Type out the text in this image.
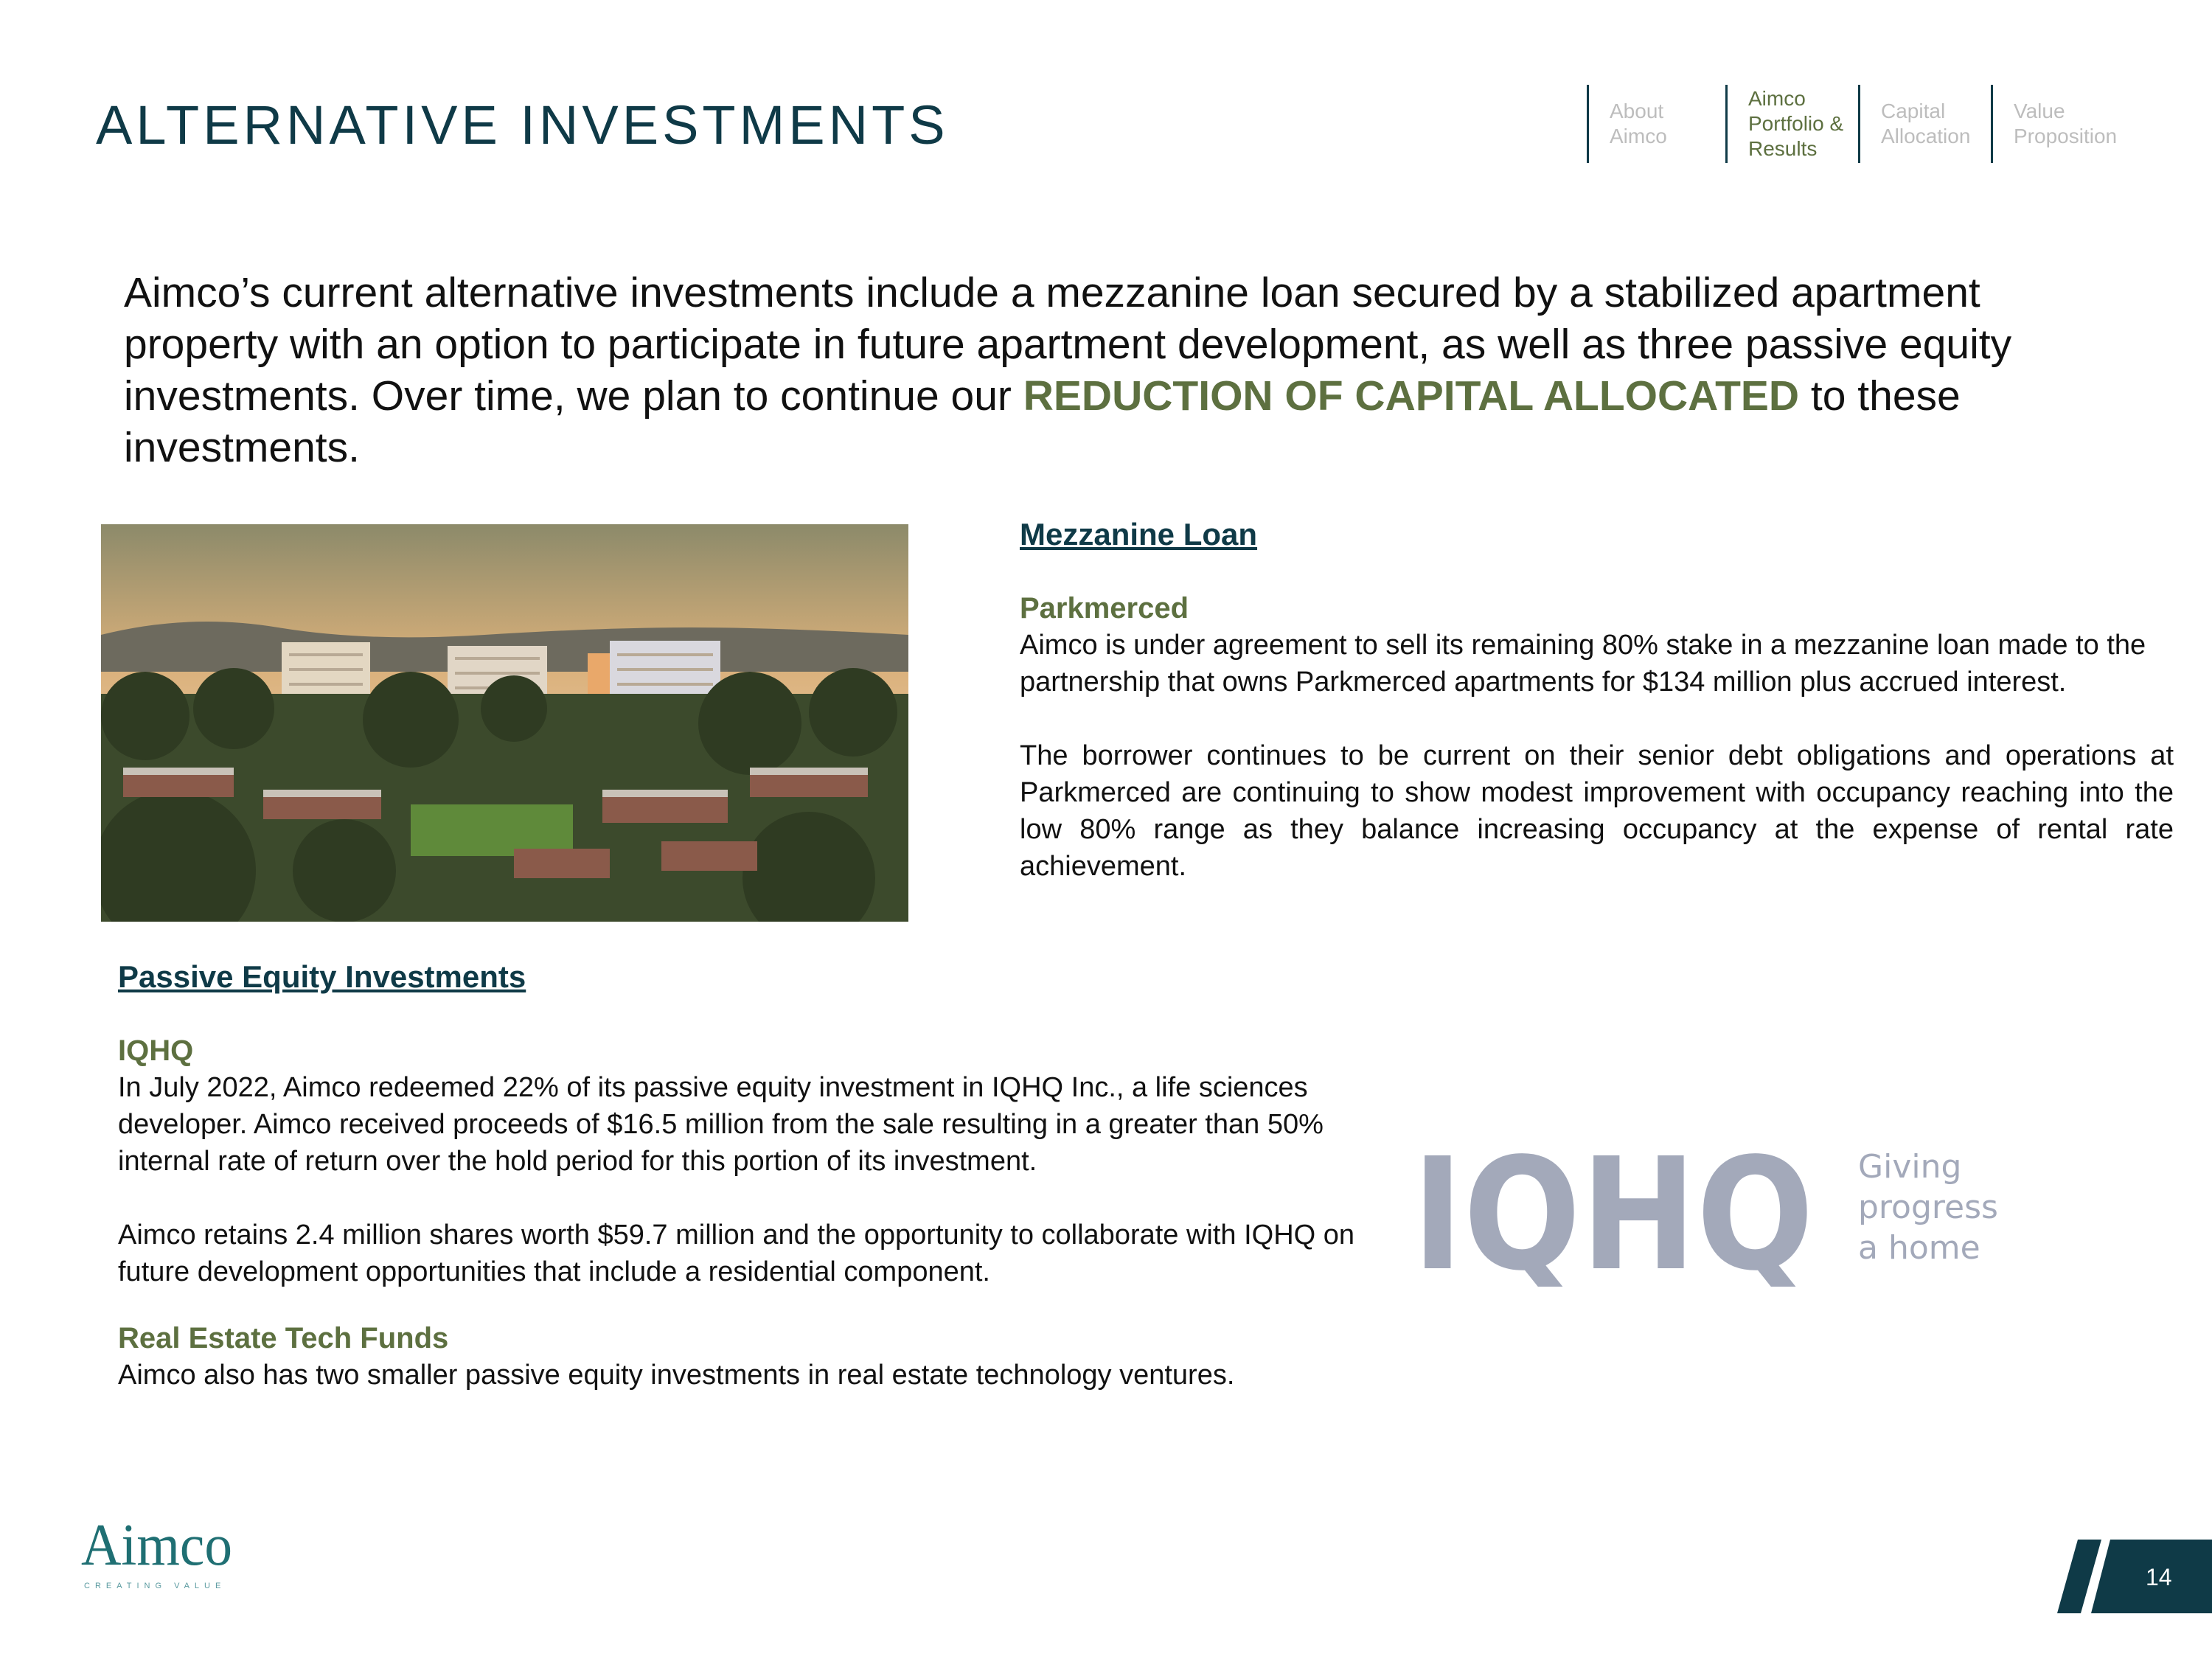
ALTERNATIVE INVESTMENTS	About
Aimco
Aimco
Portfolio &
Results
Capital
Allocation
Value
Proposition
Aimco’s current alternative investments include a mezzanine loan secured by a stabilized apartment property with an option to participate in future apartment development, as well as three passive equity investments. Over time, we plan to continue our REDUCTION OF CAPITAL ALLOCATED to these investments.
Mezzanine Loan
Parkmerced
Aimco is under agreement to sell its remaining 80% stake in a mezzanine loan made to the partnership that owns Parkmerced apartments for $134 million plus accrued interest.
The borrower continues to be current on their senior debt obligations and operations at Parkmerced are continuing to show modest improvement with occupancy reaching into the low 80% range as they balance increasing occupancy at the expense of rental rate achievement.
Passive Equity Investments
IQHQ
In July 2022, Aimco redeemed 22% of its passive equity investment in IQHQ Inc., a life sciences developer. Aimco received proceeds of $16.5 million from the sale resulting in a greater than 50% internal rate of return over the hold period for this portion of its investment.
Aimco retains 2.4 million shares worth $59.7 million and the opportunity to collaborate with IQHQ on future development opportunities that include a residential component.
Real Estate Tech Funds
Aimco also has two smaller passive equity investments in real estate technology ventures.
IQHQ Giving
progress
a home
Aimco
CREATING VALUE	14
